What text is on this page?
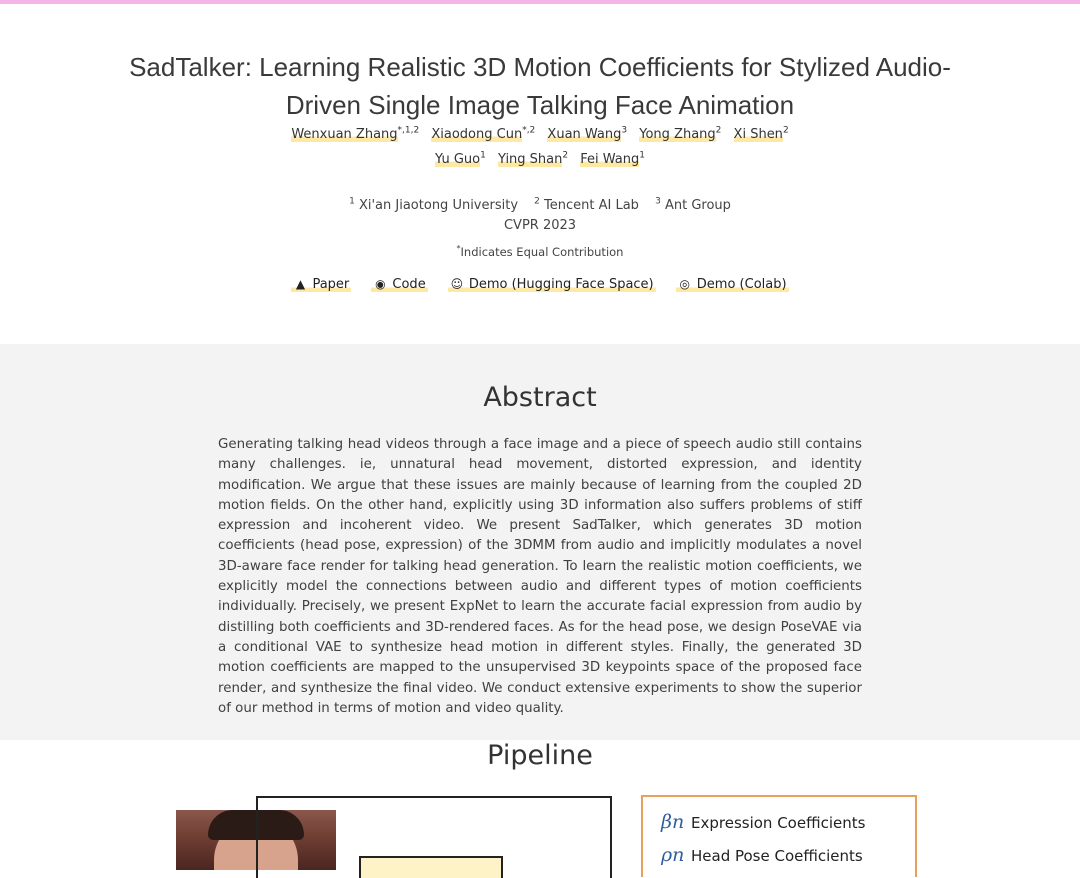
SadTalker: Learning Realistic 3D Motion Coefficients for Stylized Audio-Driven Single Image Talking Face Animation
Wenxuan Zhang$^{*,1,2}$ Xiaodong Cun$^{*,2}$ Xuan Wang$^3$ Yong Zhang$^2$ Xi Shen$^2$
Yu Guo$^1$ Ying Shan$^2$ Fei Wang$^1$
$^1$ Xi'an Jiaotong University $^2$ Tencent AI Lab $^3$ Ant Group
CVPR 2023
*Indicates Equal Contribution
▲ Paper ◉ Code ☺ Demo (Hugging Face Space) ◎ Demo (Colab)
Abstract

Generating talking head videos through a face image and a piece of speech audio still contains many challenges. ie, unnatural head movement, distorted expression, and identity modification. We argue that these issues are mainly because of learning from the coupled 2D motion fields. On the other hand, explicitly using 3D information also suffers problems of stiff expression and incoherent video. We present SadTalker, which generates 3D motion coefficients (head pose, expression) of the 3DMM from audio and implicitly modulates a novel 3D-aware face render for talking head generation. To learn the realistic motion coefficients, we explicitly model the connections between audio and different types of motion coefficients individually. Precisely, we present ExpNet to learn the accurate facial expression from audio by distilling both coefficients and 3D-rendered faces. As for the head pose, we design PoseVAE via a conditional VAE to synthesize head motion in different styles. Finally, the generated 3D motion coefficients are mapped to the unsupervised 3D keypoints space of the proposed face render, and synthesize the final video. We conduct extensive experiments to show the superior of our method in terms of motion and video quality.

Pipeline
βn Expression Coefficients
ρn Head Pose Coefficients
